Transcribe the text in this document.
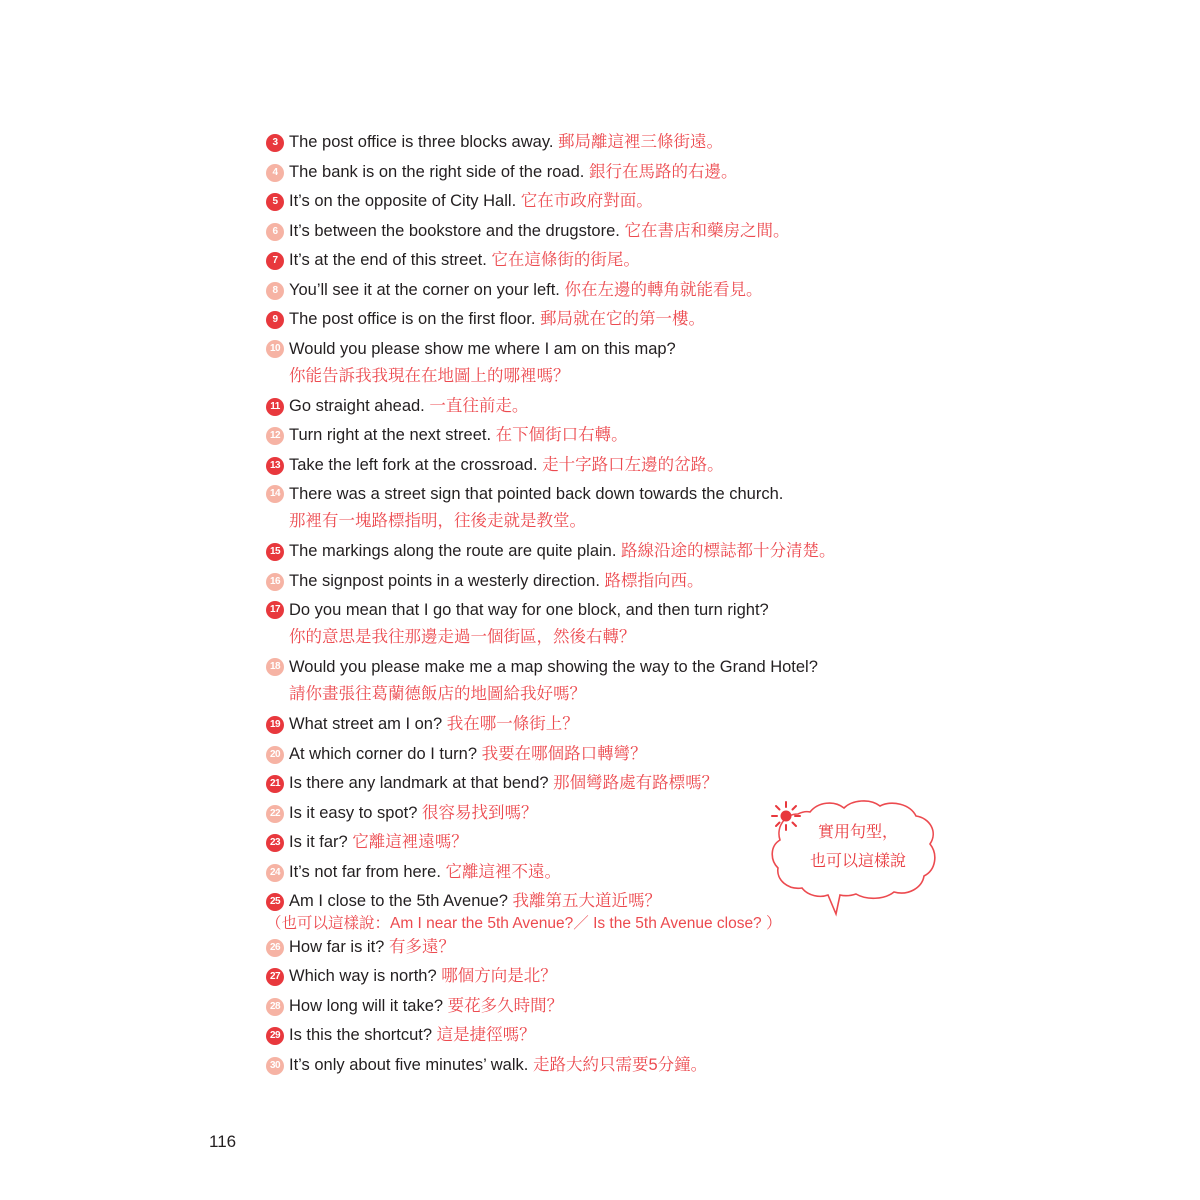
3 The post office is three blocks away. 郵局離這裡三條街遠。
4 The bank is on the right side of the road. 銀行在馬路的右邊。
5 It’s on the opposite of City Hall. 它在市政府對面。
6 It’s between the bookstore and the drugstore. 它在書店和藥房之間。
7 It’s at the end of this street. 它在這條街的街尾。
8 You’ll see it at the corner on your left. 你在左邊的轉角就能看見。
9 The post office is on the first floor. 郵局就在它的第一樓。
10 Would you please show me where I am on this map?
你能告訴我我現在在地圖上的哪裡嗎？
11 Go straight ahead. 一直往前走。
12 Turn right at the next street. 在下個街口右轉。
13 Take the left fork at the crossroad. 走十字路口左邊的岔路。
14 There was a street sign that pointed back down towards the church.
那裡有一塊路標指明，往後走就是教堂。
15 The markings along the route are quite plain. 路線沿途的標誌都十分清楚。
16 The signpost points in a westerly direction. 路標指向西。
17 Do you mean that I go that way for one block, and then turn right?
你的意思是我往那邊走過一個街區，然後右轉？
18 Would you please make me a map showing the way to the Grand Hotel?
請你畫張往葛蘭德飯店的地圖給我好嗎？
19 What street am I on? 我在哪一條街上？
20 At which corner do I turn? 我要在哪個路口轉彎？
21 Is there any landmark at that bend? 那個彎路處有路標嗎？
22 Is it easy to spot? 很容易找到嗎？
23 Is it far? 它離這裡遠嗎？
24 It’s not far from here. 它離這裡不遠。
25 Am I close to the 5th Avenue? 我離第五大道近嗎？
（也可以這樣說：Am I near the 5th Avenue?／ Is the 5th Avenue close? ）
26 How far is it? 有多遠？
27 Which way is north? 哪個方向是北？
28 How long will it take? 要花多久時間？
29 Is this the shortcut? 這是捷徑嗎？
30 It’s only about five minutes’ walk. 走路大約只需要5分鐘。
實用句型，
也可以這樣說
116
